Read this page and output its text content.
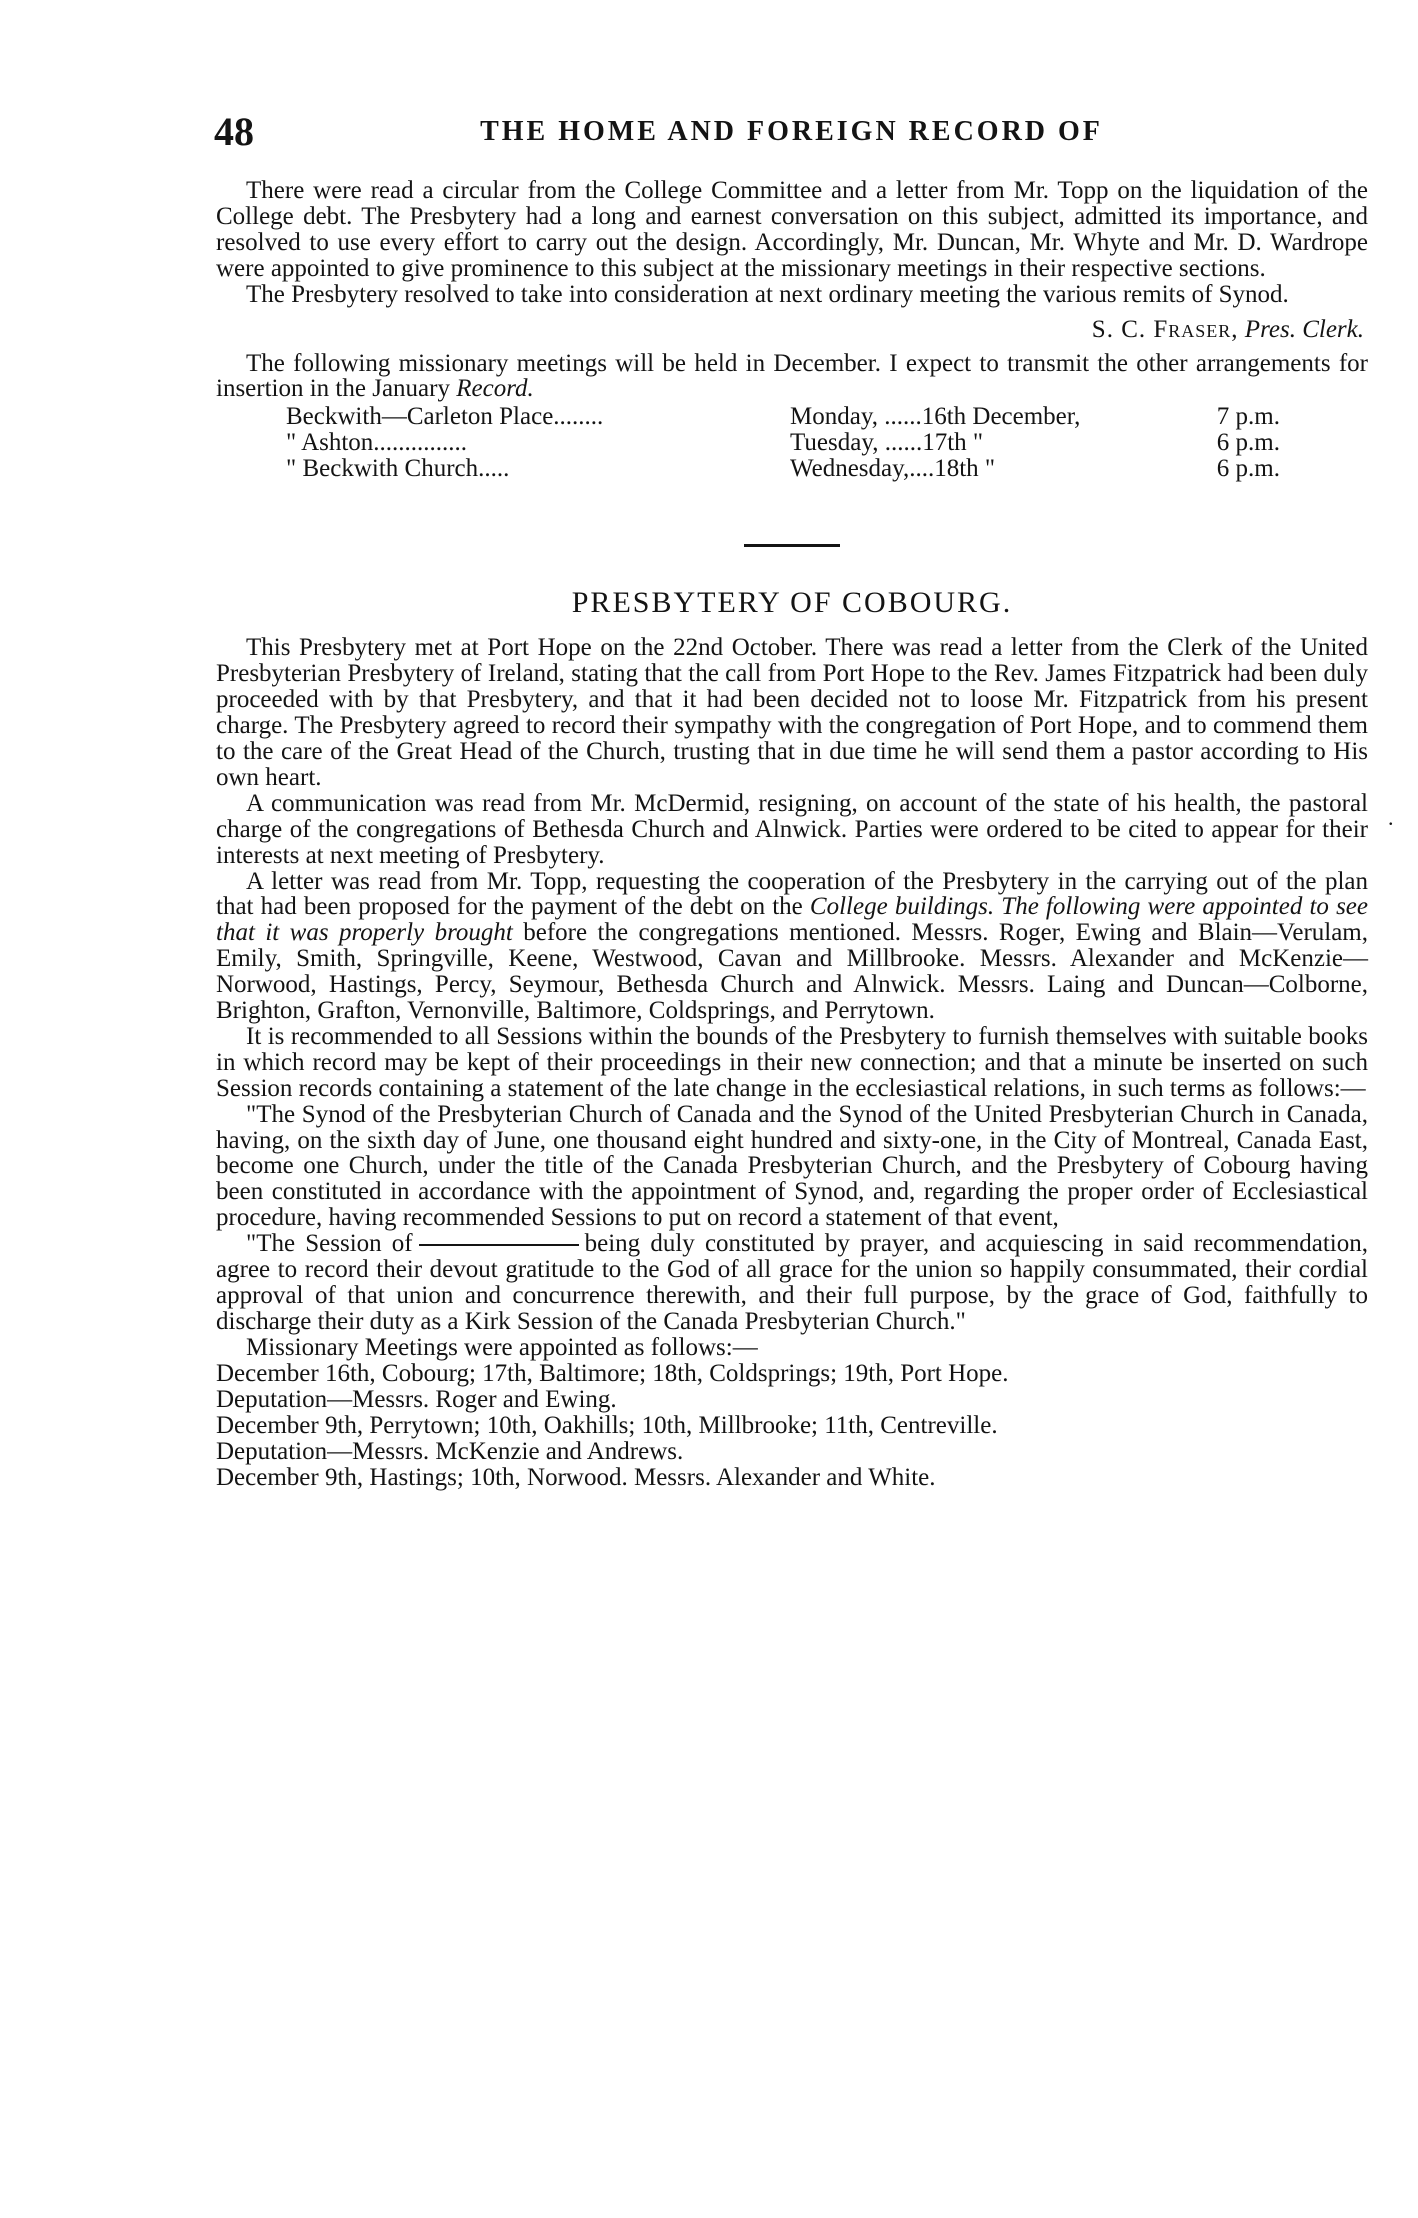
48	THE HOME AND FOREIGN RECORD OF

There were read a circular from the College Committee and a letter from Mr. Topp on the liquidation of the College debt. The Presbytery had a long and earnest conversation on this subject, admitted its importance, and resolved to use every effort to carry out the design. Accordingly, Mr. Duncan, Mr. Whyte and Mr. D. Wardrope were appointed to give prominence to this subject at the missionary meetings in their respective sections.

The Presbytery resolved to take into consideration at next ordinary meeting the various remits of Synod.

S. C. Fraser, Pres. Clerk.

The following missionary meetings will be held in December. I expect to transmit the other arrangements for insertion in the January Record.

Beckwith—Carleton Place........	Monday, ......16th December,	7 p.m.
" Ashton...............	Tuesday, ......17th "	6 p.m.
" Beckwith Church.....	Wednesday,....18th "	6 p.m.
PRESBYTERY OF COBOURG.

This Presbytery met at Port Hope on the 22nd October. There was read a letter from the Clerk of the United Presbyterian Presbytery of Ireland, stating that the call from Port Hope to the Rev. James Fitzpatrick had been duly proceeded with by that Presbytery, and that it had been decided not to loose Mr. Fitzpatrick from his present charge. The Presbytery agreed to record their sympathy with the congregation of Port Hope, and to commend them to the care of the Great Head of the Church, trusting that in due time he will send them a pastor according to His own heart.

A communication was read from Mr. McDermid, resigning, on account of the state of his health, the pastoral charge of the congregations of Bethesda Church and Alnwick. Parties were ordered to be cited to appear for their interests at next meeting of Presbytery.

A letter was read from Mr. Topp, requesting the cooperation of the Presbytery in the carrying out of the plan that had been proposed for the payment of the debt on the College buildings. The following were appointed to see that it was properly brought before the congregations mentioned. Messrs. Roger, Ewing and Blain—Verulam, Emily, Smith, Springville, Keene, Westwood, Cavan and Millbrooke. Messrs. Alexander and McKenzie—Norwood, Hastings, Percy, Seymour, Bethesda Church and Alnwick. Messrs. Laing and Duncan—Colborne, Brighton, Grafton, Vernonville, Baltimore, Coldsprings, and Perrytown.

It is recommended to all Sessions within the bounds of the Presbytery to furnish themselves with suitable books in which record may be kept of their proceedings in their new connection; and that a minute be inserted on such Session records containing a statement of the late change in the ecclesiastical relations, in such terms as follows:—

"The Synod of the Presbyterian Church of Canada and the Synod of the United Presbyterian Church in Canada, having, on the sixth day of June, one thousand eight hundred and sixty-one, in the City of Montreal, Canada East, become one Church, under the title of the Canada Presbyterian Church, and the Presbytery of Cobourg having been constituted in accordance with the appointment of Synod, and, regarding the proper order of Ecclesiastical procedure, having recommended Sessions to put on record a statement of that event,

"The Session of	being duly constituted by prayer, and acquiescing in said recommendation, agree to record their devout gratitude to the God of all grace for the union so happily consummated, their cordial approval of that union and concurrence therewith, and their full purpose, by the grace of God, faithfully to discharge their duty as a Kirk Session of the Canada Presbyterian Church."

Missionary Meetings were appointed as follows:—

December 16th, Cobourg; 17th, Baltimore; 18th, Coldsprings; 19th, Port Hope.
Deputation—Messrs. Roger and Ewing.
December 9th, Perrytown; 10th, Oakhills; 10th, Millbrooke; 11th, Centreville.
Deputation—Messrs. McKenzie and Andrews.
December 9th, Hastings; 10th, Norwood. Messrs. Alexander and White.
.
